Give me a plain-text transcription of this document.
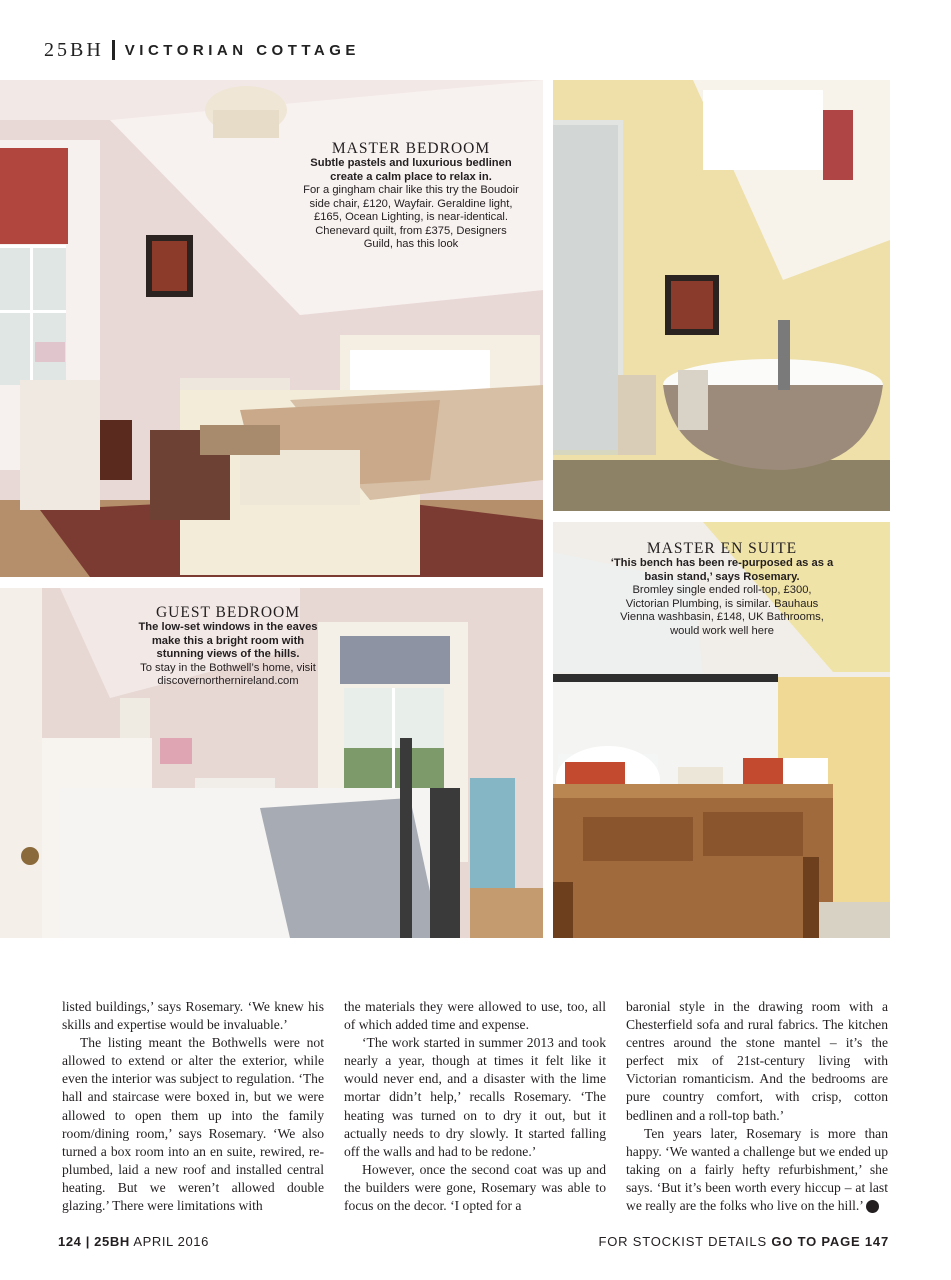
25BH VICTORIAN COTTAGE
MASTER BEDROOM
Subtle pastels and luxurious bedlinen create a calm place to relax in.
For a gingham chair like this try the Boudoir side chair, £120, Wayfair. Geraldine light, £165, Ocean Lighting, is near-identical. Chenevard quilt, from £375, Designers Guild, has this look
MASTER EN SUITE
‘This bench has been re-purposed as as a basin stand,’ says Rosemary.
Bromley single ended roll-top, £300, Victorian Plumbing, is similar. Bauhaus Vienna washbasin, £148, UK Bathrooms, would work well here
GUEST BEDROOM
The low-set windows in the eaves make this a bright room with stunning views of the hills.
To stay in the Bothwell’s home, visit discovernorthernireland.com

listed buildings,’ says Rosemary. ‘We knew his skills and expertise would be invaluable.’

The listing meant the Bothwells were not allowed to extend or alter the exterior, while even the interior was subject to regulation. ‘The hall and staircase were boxed in, but we were allowed to open them up into the family room/dining room,’ says Rosemary. ‘We also turned a box room into an en suite, rewired, re-plumbed, laid a new roof and installed central heating. But we weren’t allowed double glazing.’ There were limitations with

the materials they were allowed to use, too, all of which added time and expense.

‘The work started in summer 2013 and took nearly a year, though at times it felt like it would never end, and a disaster with the lime mortar didn’t help,’ recalls Rosemary. ‘The heating was turned on to dry it out, but it actually needs to dry slowly. It started falling off the walls and had to be redone.’

However, once the second coat was up and the builders were gone, Rosemary was able to focus on the decor. ‘I opted for a

baronial style in the drawing room with a Chesterfield sofa and rural fabrics. The kitchen centres around the stone mantel – it’s the perfect mix of 21st-century living with Victorian romanticism. And the bedrooms are pure country comfort, with crisp, cotton bedlinen and a roll-top bath.’

Ten years later, Rosemary is more than happy. ‘We wanted a challenge but we ended up taking on a fairly hefty refurbishment,’ she says. ‘But it’s been worth every hiccup – at last we really are the folks who live on the hill.’	25

124 | 25BH APRIL 2016	FOR STOCKIST DETAILS GO TO PAGE 147
